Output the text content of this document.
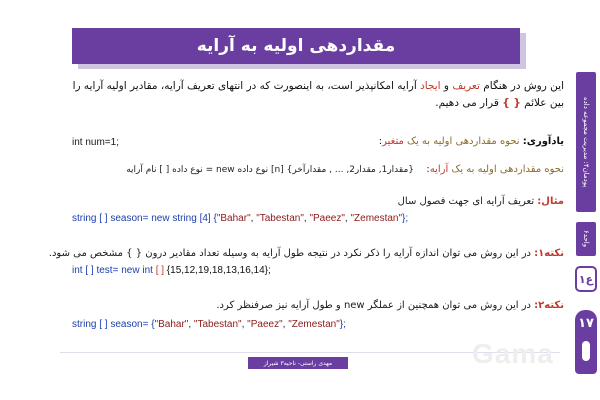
پودمان۴: مدیریت مجموعه داده
واحد۶
ع۱
۱۷
مقداردهی اولیه به آرایه
این روش در هنگام تعریف و ایجاد آرایه امکانپذیر است، به اینصورت که در انتهای تعریف آرایه، مقادیر اولیه آرایه را بین علائم { } قرار می دهیم.
یادآوری: نحوه مقداردهی اولیه به یک متغیر:
int num=1;
نحوه مقداردهی اولیه به یک آرایه:
{مقدار1, مقدار2, ... , مقدارآخر} [n] نوع داده new = نوع داده [ ] نام آرایه
مثال: تعریف آرایه ای جهت فصول سال
string [ ] season= new string [4] {"Bahar", "Tabestan", "Paeez", "Zemestan"};
نکته۱: در این روش می توان اندازه آرایه را ذکر نکرد در نتیجه طول آرایه به وسیله تعداد مقادیر درون { } مشخص می شود.
int [ ] test= new int [ ] {15,12,19,18,13,16,14};
نکته۲: در این روش می توان همچنین از عملگر new و طول آرایه نیز صرفنظر کرد.
string [ ] season= {"Bahar", "Tabestan", "Paeez", "Zemestan"};
مهدی راستی- ناحیه۳ شیراز	Gama
